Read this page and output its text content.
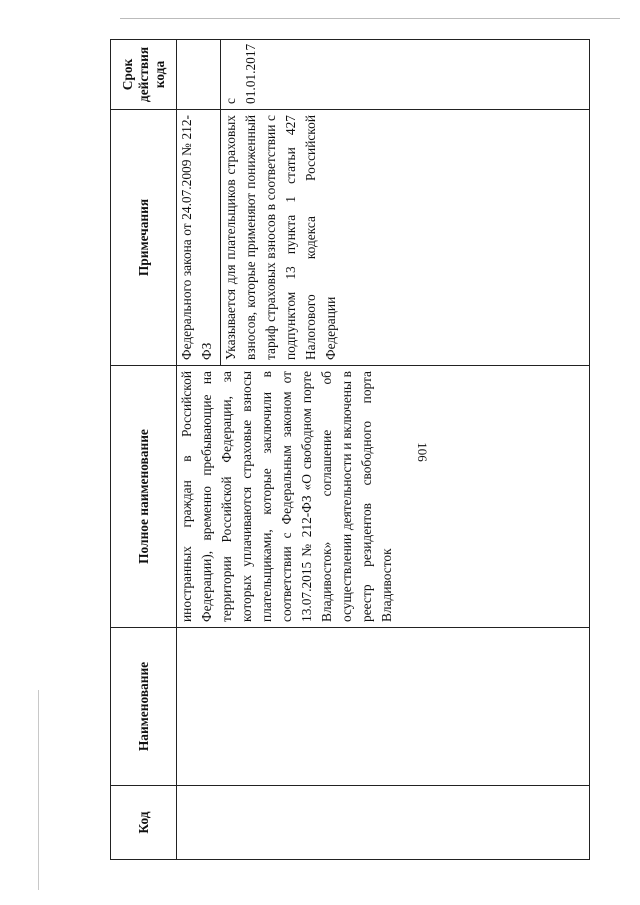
106
Код	Наименование	Полное наименование	Примечания	Срок действия кода
		иностранных граждан в Российской Федерации), временно пребывающие на территории Российской Федерации, за которых уплачиваются страховые взносы плательщиками, которые заключили в соответствии с Федеральным законом от 13.07.2015 № 212-ФЗ «О свободном порте Владивосток» соглашение об осуществлении деятельности и включены в реестр резидентов свободного порта Владивосток	Федерального закона от 24.07.2009 № 212-ФЗ	
			Указывается для плательщиков страховых взносов, которые применяют пониженный тариф страховых взносов в соответствии с подпунктом 13 пункта 1 статьи 427 Налогового кодекса Российской Федерации	с 01.01.2017
